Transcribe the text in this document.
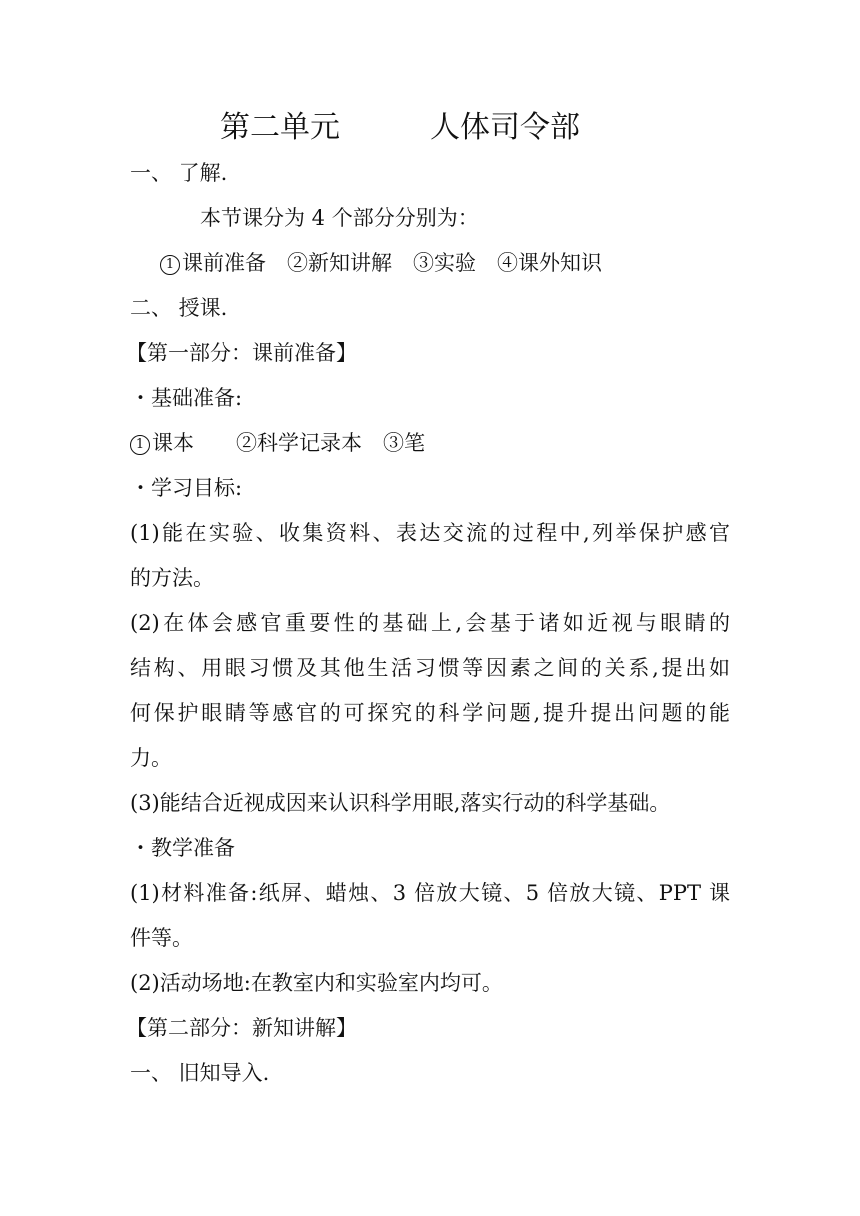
第二单元　　　人体司令部
一、 了解.
本节课分为 4 个部分分别为：
1 课前准备　②新知讲解　③实验　④课外知识
二、 授课.
【第一部分：课前准备】
・基础准备:
1 课本　　②科学记录本　③笔
・学习目标:
(1)能在实验、收集资料、表达交流的过程中,列举保护感官
的方法。
(2)在体会感官重要性的基础上,会基于诸如近视与眼睛的
结构、用眼习惯及其他生活习惯等因素之间的关系,提出如
何保护眼睛等感官的可探究的科学问题,提升提出问题的能
力。
(3)能结合近视成因来认识科学用眼,落实行动的科学基础。
・教学准备
(1)材料准备:纸屏、蜡烛、3 倍放大镜、5 倍放大镜、PPT 课
件等。
(2)活动场地:在教室内和实验室内均可。
【第二部分：新知讲解】
一、 旧知导入.
